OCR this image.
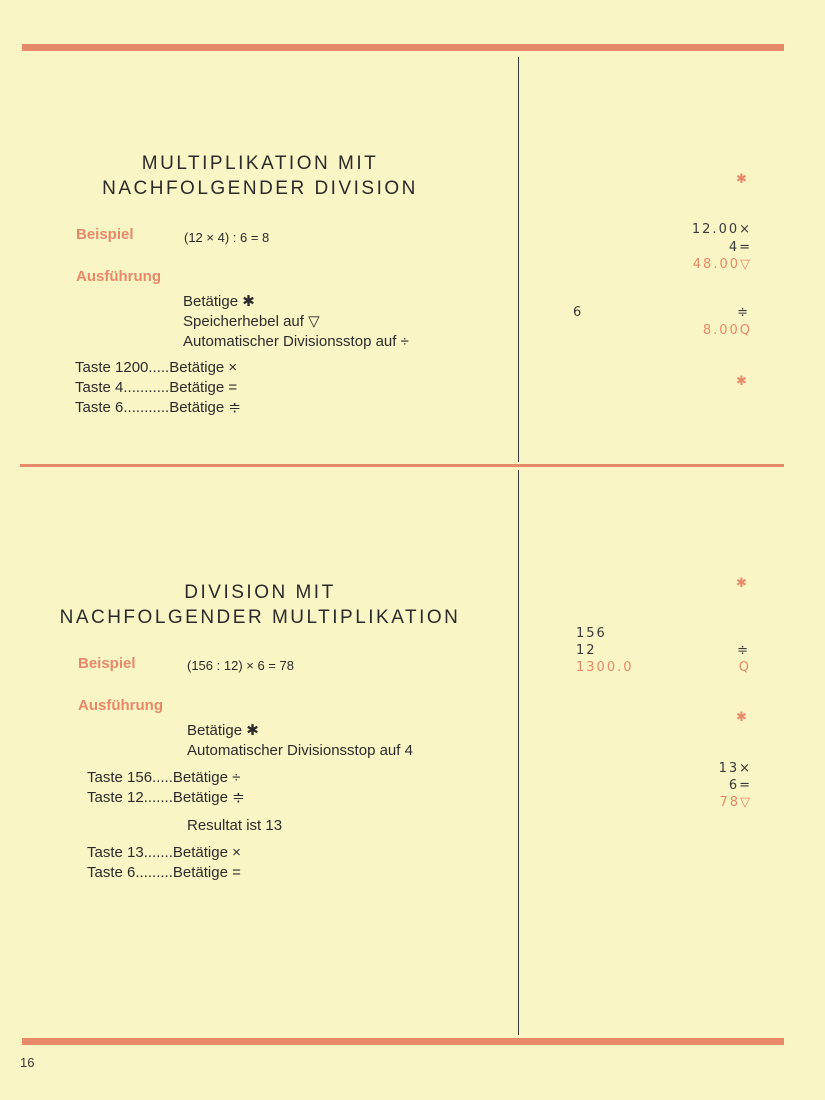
MULTIPLIKATION MIT
NACHFOLGENDER DIVISION
Beispiel	(12 × 4) : 6 = 8
Ausführung
Betätige ✱
Speicherhebel auf ▽
Automatischer Divisionsstop auf ÷
Taste 1200.....Betätige ×
Taste 4...........Betätige =
Taste 6...........Betätige ≑
✱
12.00×
4=
48.00▽
6	≑
8.00Q
✱
DIVISION MIT
NACHFOLGENDER MULTIPLIKATION
Beispiel	(156 : 12) × 6 = 78
Ausführung
Betätige ✱
Automatischer Divisionsstop auf 4
Taste 156.....Betätige ÷
Taste 12.......Betätige ≑
Resultat ist 13
Taste 13.......Betätige ×
Taste 6.........Betätige =
✱
156
12	≑
1300.0	Q
✱
13×
6=
78▽
16
